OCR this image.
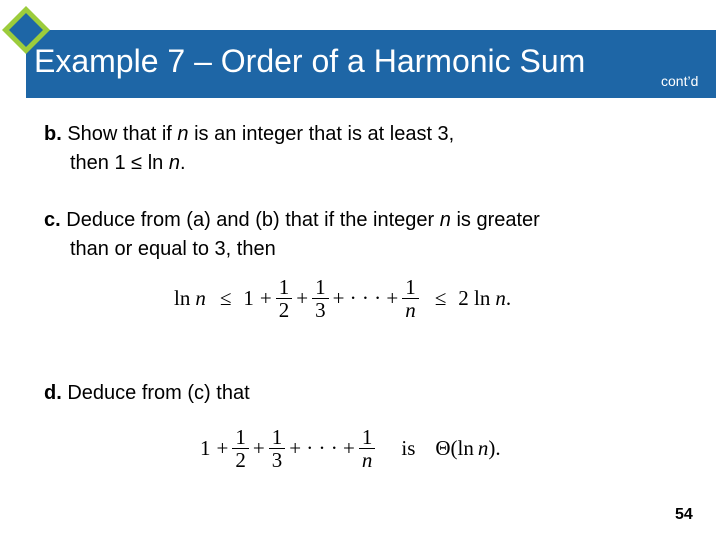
Example 7 – Order of a Harmonic Sum
cont’d
b. Show that if n is an integer that is at least 3,
then 1 ≤ ln n.
c. Deduce from (a) and (b) that if the integer n is greater
than or equal to 3, then
$\ln n \le 1 + \frac{1}{2} + \frac{1}{3}$ + · · · + $\frac{1}{n} \le 2$ ln n .
d. Deduce from (c) that
$1 + \frac{1}{2} + \frac{1}{3}$ + · · · + $\frac{1}{n}$ is Θ(ln n ).
54
